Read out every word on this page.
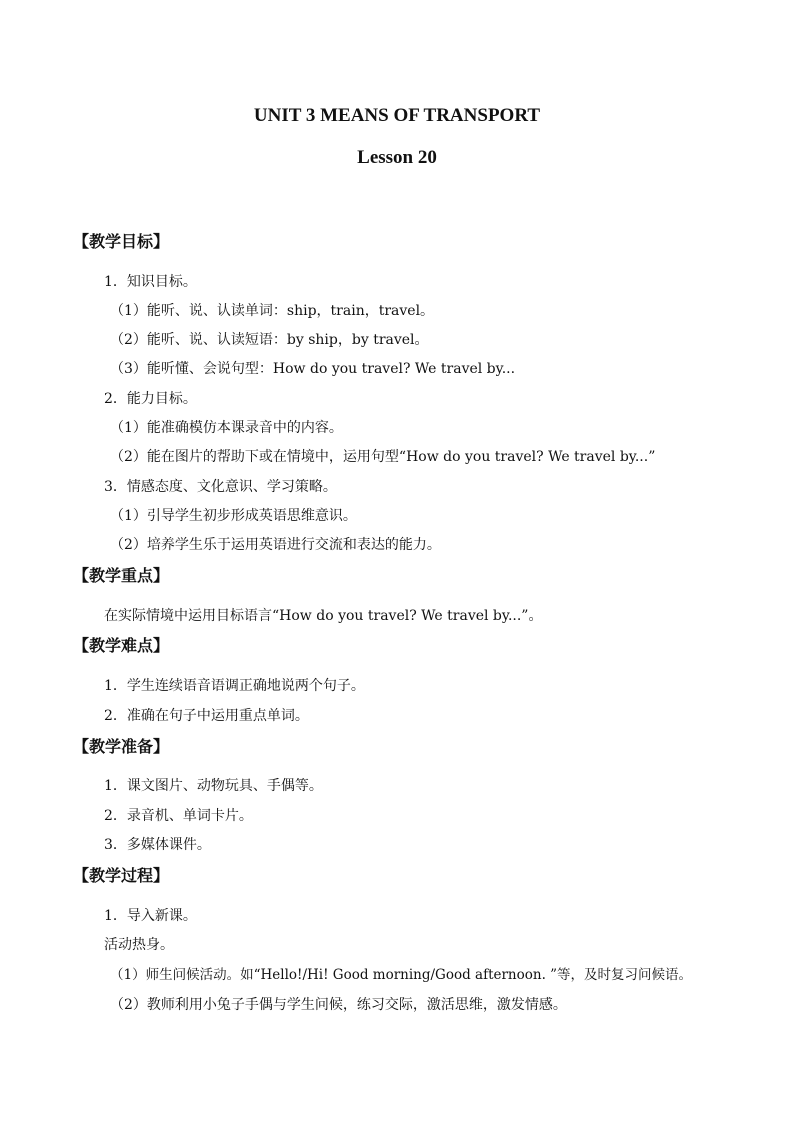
UNIT 3 MEANS OF TRANSPORT
Lesson 20
【教学目标】
1．知识目标。
（1）能听、说、认读单词：ship，train，travel。
（2）能听、说、认读短语：by ship，by travel。
（3）能听懂、会说句型：How do you travel? We travel by...
2．能力目标。
（1）能准确模仿本课录音中的内容。
（2）能在图片的帮助下或在情境中，运用句型“How do you travel? We travel by...”
3．情感态度、文化意识、学习策略。
（1）引导学生初步形成英语思维意识。
（2）培养学生乐于运用英语进行交流和表达的能力。
【教学重点】
在实际情境中运用目标语言“How do you travel? We travel by...”。
【教学难点】
1．学生连续语音语调正确地说两个句子。
2．准确在句子中运用重点单词。
【教学准备】
1．课文图片、动物玩具、手偶等。
2．录音机、单词卡片。
3．多媒体课件。
【教学过程】
1．导入新课。
活动热身。
（1）师生问候活动。如“Hello!/Hi! Good morning/Good afternoon. ”等，及时复习问候语。
（2）教师利用小兔子手偶与学生问候，练习交际，激活思维，激发情感。
